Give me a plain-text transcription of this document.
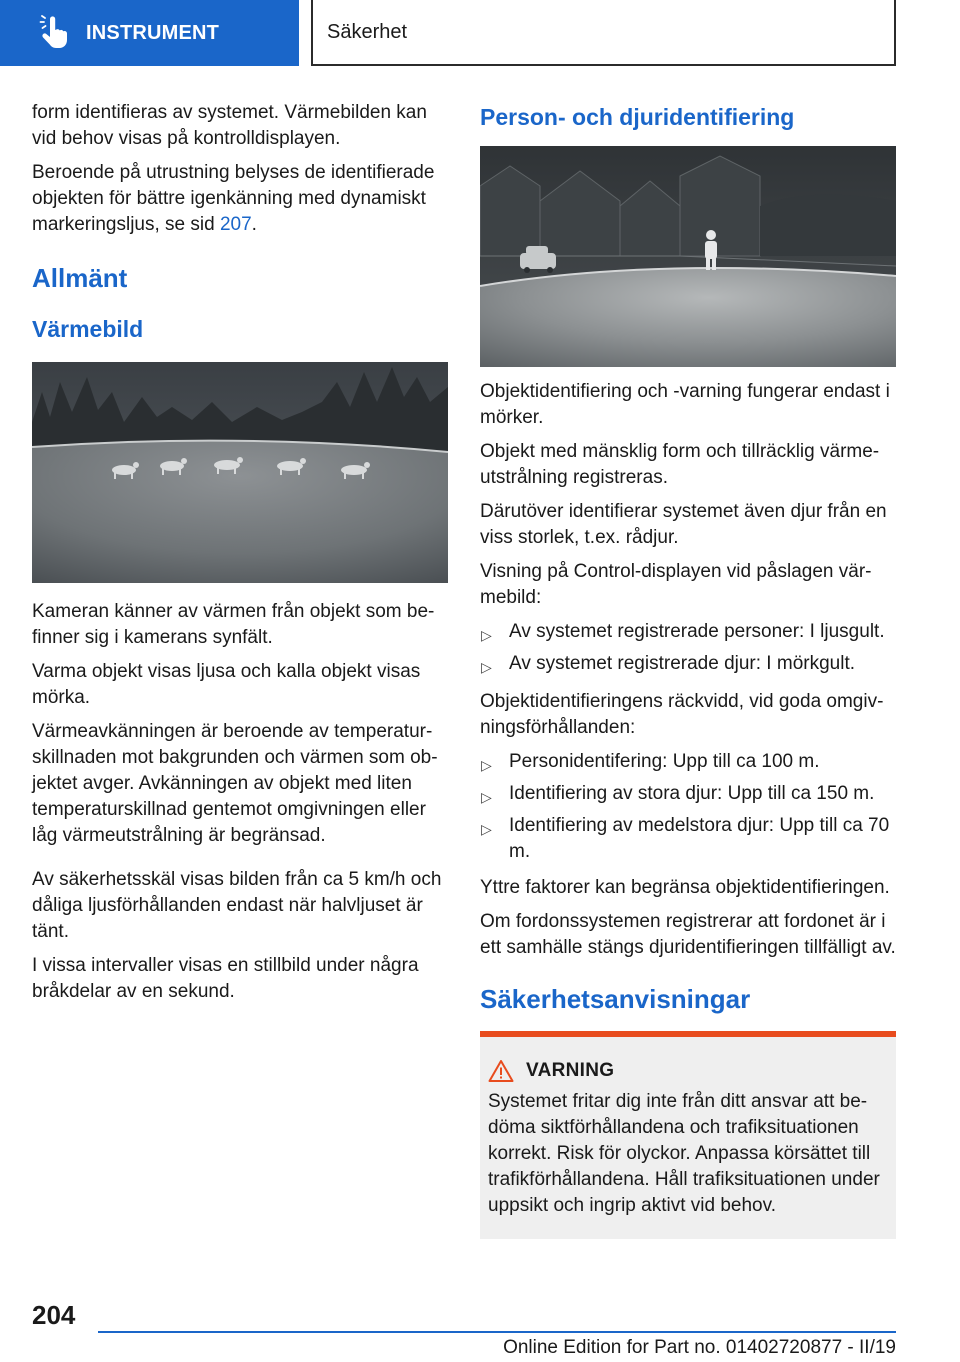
INSTRUMENT	Säkerhet

form identifieras av systemet. Värmebilden kan vid behov visas på kontrolldisplayen.

Beroende på utrustning belyses de identifierade objekten för bättre igenkänning med dynamiskt markeringsljus, se sid 207.

Allmänt
Värmebild

Kameran känner av värmen från objekt som befinner sig i kamerans synfält.

Varma objekt visas ljusa och kalla objekt visas mörka.

Värmeavkänningen är beroende av temperaturskillnaden mot bakgrunden och värmen som objektet avger. Avkänningen av objekt med liten temperaturskillnad gentemot omgivningen eller låg värmeutstrålning är begränsad.

Av säkerhetsskäl visas bilden från ca 5 km/h och dåliga ljusförhållanden endast när halvljuset är tänt.

I vissa intervaller visas en stillbild under några bråkdelar av en sekund.

Person- och djuridentifiering

Objektidentifiering och -varning fungerar endast i mörker.

Objekt med mänsklig form och tillräcklig värmeutstrålning registreras.

Därutöver identifierar systemet även djur från en viss storlek, t.ex. rådjur.

Visning på Control-displayen vid påslagen värmebild:

▷ Av systemet registrerade personer: I ljusgult.
▷ Av systemet registrerade djur: I mörkgult.

Objektidentifieringens räckvidd, vid goda omgivningsförhållanden:

▷ Personidentifering: Upp till ca 100 m.
▷ Identifiering av stora djur: Upp till ca 150 m.
▷ Identifiering av medelstora djur: Upp till ca 70 m.

Yttre faktorer kan begränsa objektidentifieringen.

Om fordonssystemen registrerar att fordonet är i ett samhälle stängs djuridentifieringen tillfälligt av.

Säkerhetsanvisningar
VARNING

Systemet fritar dig inte från ditt ansvar att bedöma siktförhållandena och trafiksituationen korrekt. Risk för olyckor. Anpassa körsättet till trafikförhållandena. Håll trafiksituationen under uppsikt och ingrip aktivt vid behov.

204
Online Edition for Part no. 01402720877 - II/19
